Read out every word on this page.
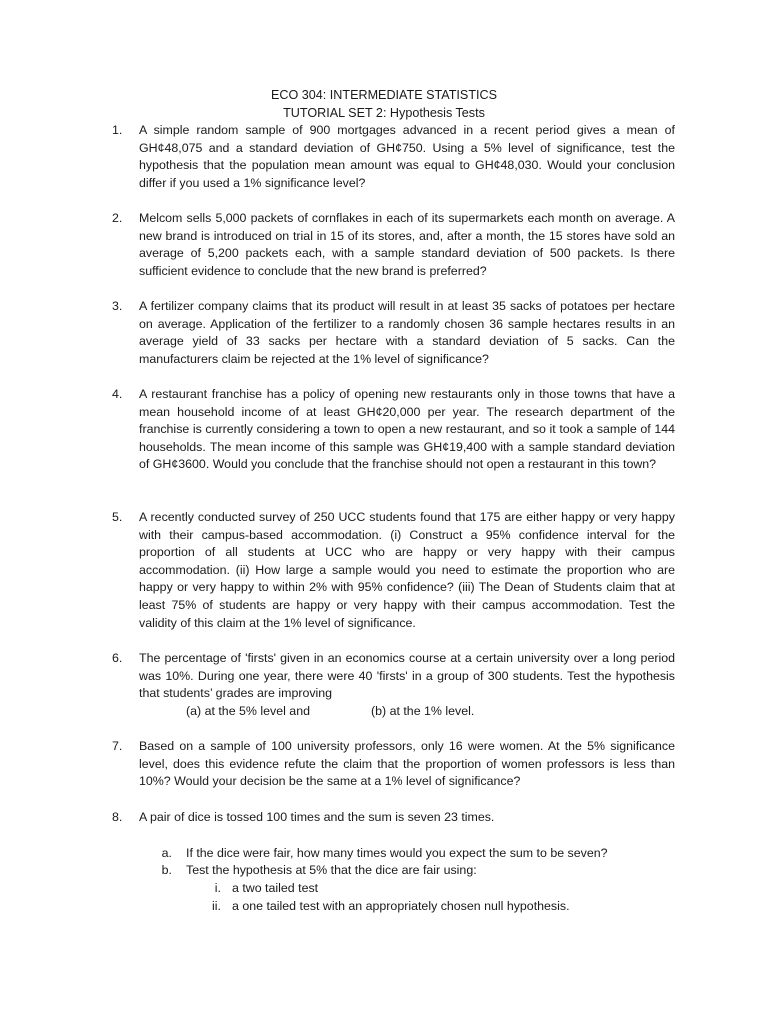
ECO 304: INTERMEDIATE STATISTICS
TUTORIAL SET 2: Hypothesis Tests
1.	A simple random sample of 900 mortgages advanced in a recent period gives a mean of GH¢48,075 and a standard deviation of GH¢750. Using a 5% level of significance, test the hypothesis that the population mean amount was equal to GH¢48,030. Would your conclusion differ if you used a 1% significance level?
2.	Melcom sells 5,000 packets of cornflakes in each of its supermarkets each month on average. A new brand is introduced on trial in 15 of its stores, and, after a month, the 15 stores have sold an average of 5,200 packets each, with a sample standard deviation of 500 packets. Is there sufficient evidence to conclude that the new brand is preferred?
3.	A fertilizer company claims that its product will result in at least 35 sacks of potatoes per hectare on average. Application of the fertilizer to a randomly chosen 36 sample hectares results in an average yield of 33 sacks per hectare with a standard deviation of 5 sacks. Can the manufacturers claim be rejected at the 1% level of significance?
4.	A restaurant franchise has a policy of opening new restaurants only in those towns that have a mean household income of at least GH¢20,000 per year. The research department of the franchise is currently considering a town to open a new restaurant, and so it took a sample of 144 households. The mean income of this sample was GH¢19,400 with a sample standard deviation of GH¢3600. Would you conclude that the franchise should not open a restaurant in this town?
5.	A recently conducted survey of 250 UCC students found that 175 are either happy or very happy with their campus-based accommodation. (i) Construct a 95% confidence interval for the proportion of all students at UCC who are happy or very happy with their campus accommodation. (ii) How large a sample would you need to estimate the proportion who are happy or very happy to within 2% with 95% confidence? (iii) The Dean of Students claim that at least 75% of students are happy or very happy with their campus accommodation. Test the validity of this claim at the 1% level of significance.
6.	The percentage of 'firsts' given in an economics course at a certain university over a long period was 10%. During one year, there were 40 'firsts' in a group of 300 students. Test the hypothesis that students’ grades are improving
(a) at the 5% level and	(b) at the 1% level.
7.	Based on a sample of 100 university professors, only 16 were women. At the 5% significance level, does this evidence refute the claim that the proportion of women professors is less than 10%? Would your decision be the same at a 1% level of significance?
8.	A pair of dice is tossed 100 times and the sum is seven 23 times.
a. If the dice were fair, how many times would you expect the sum to be seven?
b. Test the hypothesis at 5% that the dice are fair using:
i. a two tailed test
ii. a one tailed test with an appropriately chosen null hypothesis.
